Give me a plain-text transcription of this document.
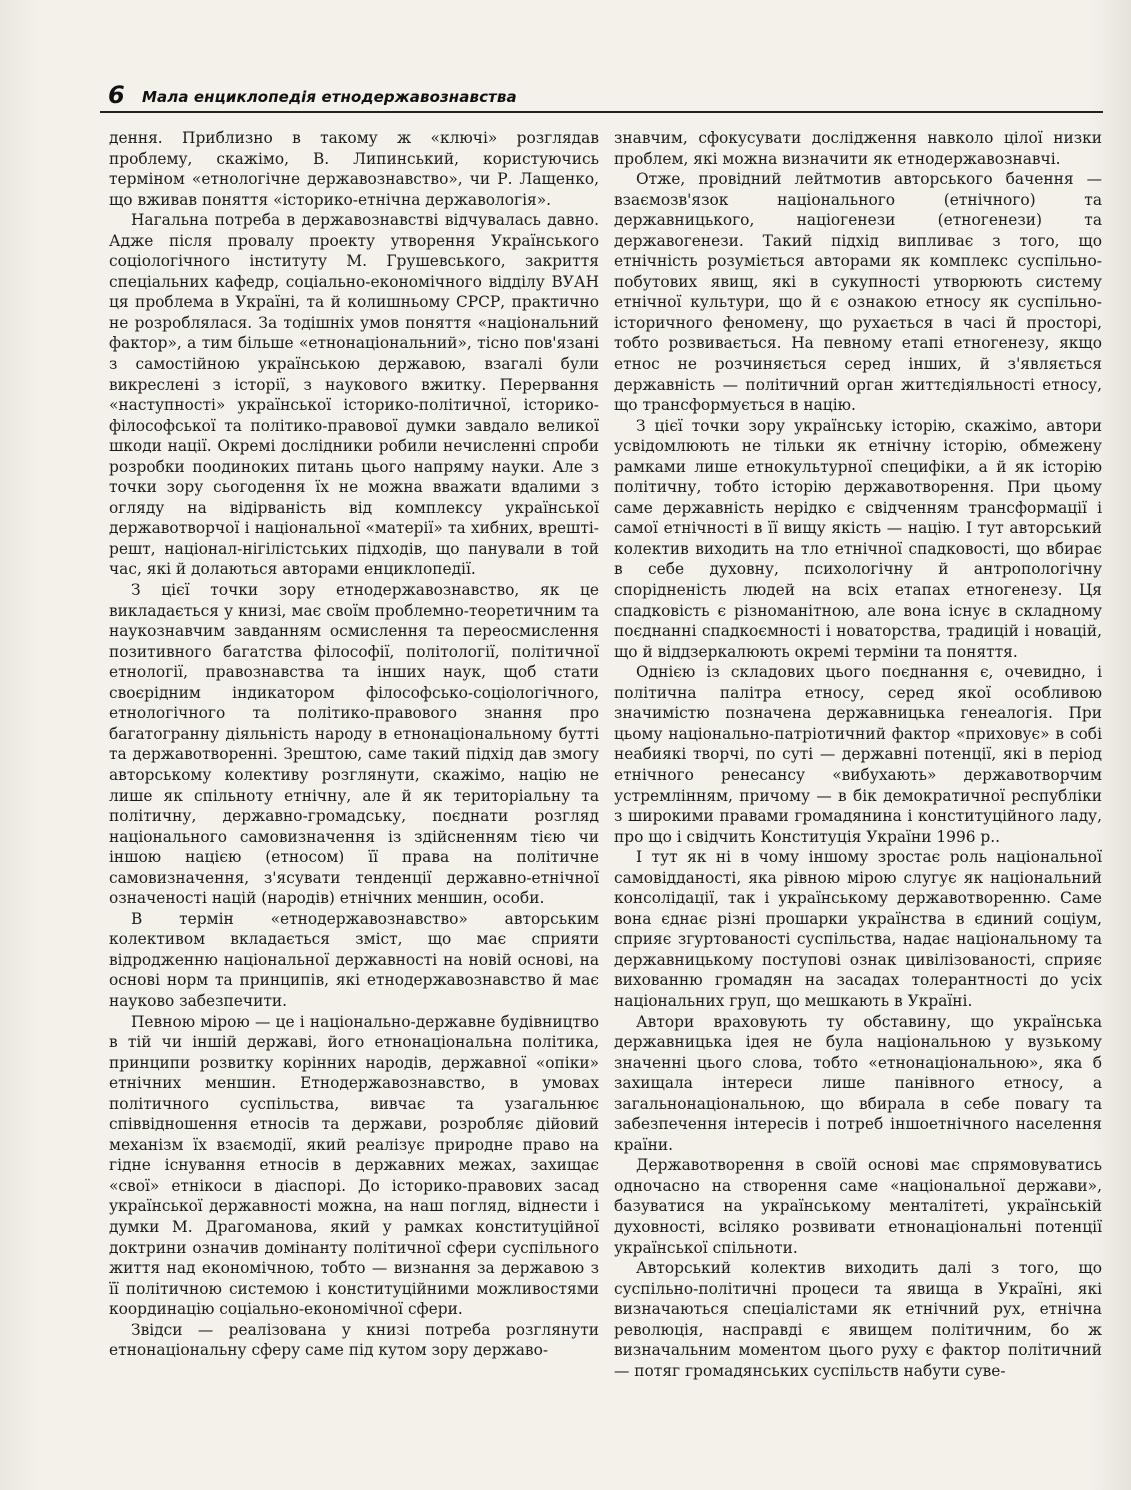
6 Мала енциклопедія етнодержавознавства

дення. Приблизно в такому ж «ключі» розглядав проблему, скажімо, В. Липинський, користуючись терміном «етнологічне державознавство», чи Р. Лащенко, що вживав поняття «історико-етнічна державологія».

Нагальна потреба в державознавстві відчувалась давно. Адже після провалу проекту утворення Українського соціологічного інституту М. Грушевського, закриття спеціальних кафедр, соціально-економічного відділу ВУАН ця проблема в Україні, та й колишньому СРСР, практично не розроблялася. За тодішніх умов поняття «національний фактор», а тим більше «етнонаціональний», тісно пов'язані з самостійною українською державою, взагалі були викреслені з історії, з наукового вжитку. Перервання «наступності» української історико-політичної, історико-філософської та політико-правової думки завдало великої шкоди нації. Окремі дослідники робили нечисленні спроби розробки поодиноких питань цього напряму науки. Але з точки зору сьогодення їх не можна вважати вдалими з огляду на відірваність від комплексу української державотворчої і національної «матерії» та хибних, врешті-решт, націонал-нігілістських підходів, що панували в той час, які й долаються авторами енциклопедії.

З цієї точки зору етнодержавознавство, як це викладається у книзі, має своїм проблемно-теоретичним та наукознавчим завданням осмислення та переосмислення позитивного багатства філософії, політології, політичної етнології, правознавства та інших наук, щоб стати своєрідним індикатором філософсько-соціологічного, етнологічного та політико-правового знання про багатогранну діяльність народу в етнонаціональному бутті та державотворенні. Зрештою, саме такий підхід дав змогу авторському колективу розглянути, скажімо, націю не лише як спільноту етнічну, але й як територіальну та політичну, державно-громадську, поєднати розгляд національного самовизначення із здійсненням тією чи іншою нацією (етносом) її права на політичне самовизначення, з'ясувати тенденції державно-етнічної означеності націй (народів) етнічних меншин, особи.

В термін «етнодержавознавство» авторським колективом вкладається зміст, що має сприяти відродженню національної державності на новій основі, на основі норм та принципів, які етнодержавознавство й має науково забезпечити.

Певною мірою — це і національно-державне будівництво в тій чи іншій державі, його етнонаціональна політика, принципи розвитку корінних народів, державної «опіки» етнічних меншин. Етнодержавознавство, в умовах політичного суспільства, вивчає та узагальнює співвідношення етносів та держави, розробляє дійовий механізм їх взаємодії, який реалізує природне право на гідне існування етносів в державних межах, захищає «свої» етнікоси в діаспорі. До історико-правових засад української державності можна, на наш погляд, віднести і думки М. Драгоманова, який у рамках конституційної доктрини означив домінанту політичної сфери суспільного життя над економічною, тобто — визнання за державою з її політичною системою і конституційними можливостями координацію соціально-економічної сфери.

Звідси — реалізована у книзі потреба розглянути етнонаціональну сферу саме під кутом зору державо-

знавчим, сфокусувати дослідження навколо цілої низки проблем, які можна визначити як етнодержавознавчі.

Отже, провідний лейтмотив авторського бачення — взаємозв'язок національного (етнічного) та державницького, націогенези (етногенези) та державогенези. Такий підхід випливає з того, що етнічність розуміється авторами як комплекс суспільно-побутових явищ, які в сукупності утворюють систему етнічної культури, що й є ознакою етносу як суспільно-історичного феномену, що рухається в часі й просторі, тобто розвивається. На певному етапі етногенезу, якщо етнос не розчиняється серед інших, й з'являється державність — політичний орган життєдіяльності етносу, що трансформується в націю.

З цієї точки зору українську історію, скажімо, автори усвідомлюють не тільки як етнічну історію, обмежену рамками лише етнокультурної специфіки, а й як історію політичну, тобто історію державотворення. При цьому саме державність нерідко є свідченням трансформації і самої етнічності в її вищу якість — націю. І тут авторський колектив виходить на тло етнічної спадковості, що вбирає в себе духовну, психологічну й антропологічну спорідненість людей на всіх етапах етногенезу. Ця спадковість є різноманітною, але вона існує в складному поєднанні спадкоємності і новаторства, традицій і новацій, що й віддзеркалюють окремі терміни та поняття.

Однією із складових цього поєднання є, очевидно, і політична палітра етносу, серед якої особливою значимістю позначена державницька генеалогія. При цьому національно-патріотичний фактор «приховує» в собі неабиякі творчі, по суті — державні потенції, які в період етнічного ренесансу «вибухають» державотворчим устремлінням, причому — в бік демократичної республіки з широкими правами громадянина і конституційного ладу, про що і свідчить Конституція України 1996 р..

І тут як ні в чому іншому зростає роль національної самовідданості, яка рівною мірою слугує як національний консолідації, так і українському державотворенню. Саме вона єднає різні прошарки українства в єдиний соціум, сприяє згуртованості суспільства, надає національному та державницькому поступові ознак цивілізованості, сприяє вихованню громадян на засадах толерантності до усіх національних груп, що мешкають в Україні.

Автори враховують ту обставину, що українська державницька ідея не була національною у вузькому значенні цього слова, тобто «етнонаціональною», яка б захищала інтереси лише панівного етносу, а загальнонаціональною, що вбирала в себе повагу та забезпечення інтересів і потреб іншоетнічного населення країни.

Державотворення в своїй основі має спрямовуватись одночасно на створення саме «національної держави», базуватися на українському менталітеті, українській духовності, всіляко розвивати етнонаціональні потенції української спільноти.

Авторський колектив виходить далі з того, що суспільно-політичні процеси та явища в Україні, які визначаються спеціалістами як етнічний рух, етнічна революція, насправді є явищем політичним, бо ж визначальним моментом цього руху є фактор політичний — потяг громадянських суспільств набути суве-
